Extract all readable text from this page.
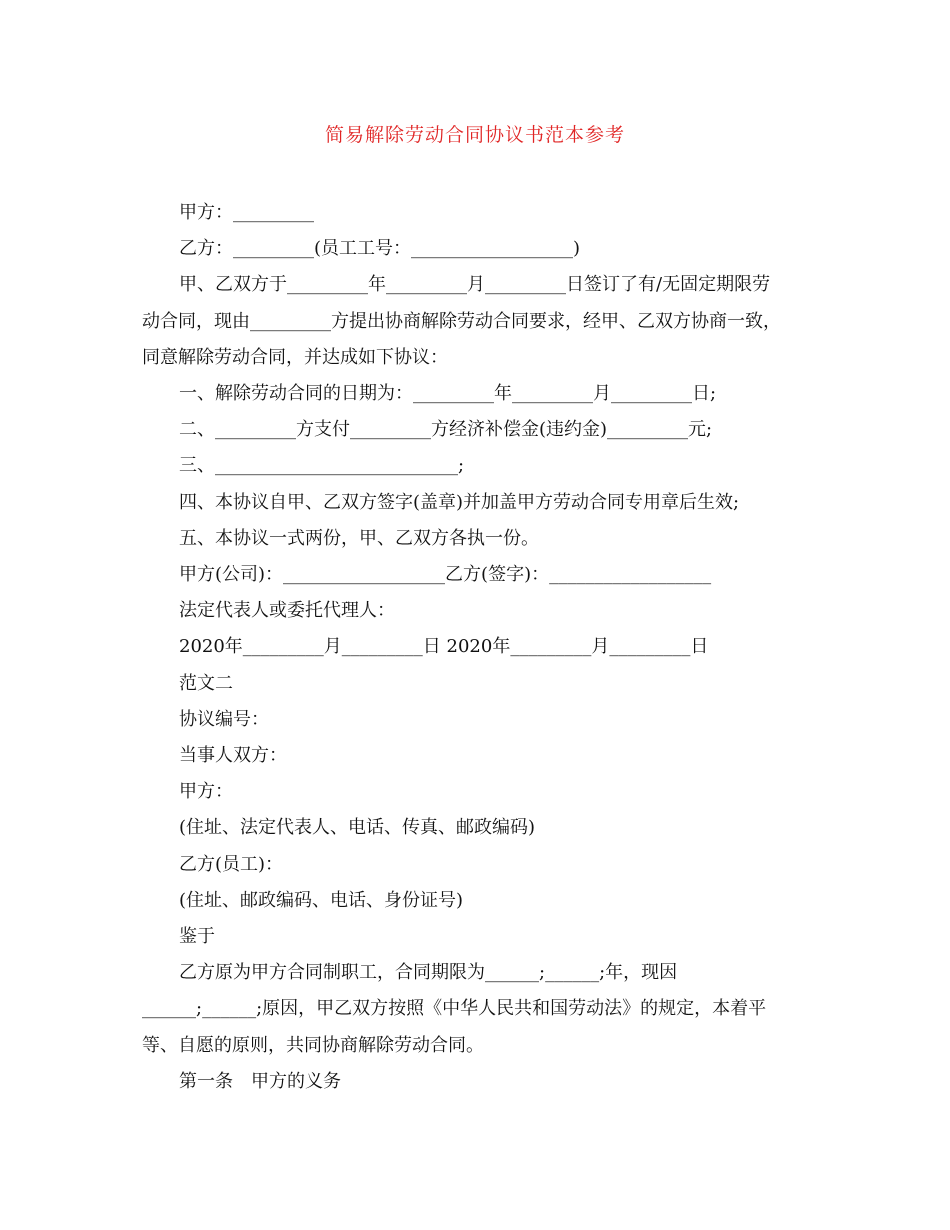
简易解除劳动合同协议书范本参考
甲方：_________
乙方：_________(员工工号：__________________)
甲、乙双方于_________年_________月_________日签订了有/无固定期限劳
动合同，现由_________方提出协商解除劳动合同要求，经甲、乙双方协商一致，
同意解除劳动合同，并达成如下协议：
一、解除劳动合同的日期为：_________年_________月_________日;
二、_________方支付_________方经济补偿金(违约金)_________元;
三、___________________________;
四、本协议自甲、乙双方签字(盖章)并加盖甲方劳动合同专用章后生效;
五、本协议一式两份，甲、乙双方各执一份。
甲方(公司)：__________________乙方(签字)：__________________
法定代表人或委托代理人：
2020年_________月_________日 2020年_________月_________日
范文二
协议编号：
当事人双方：
甲方：
(住址、法定代表人、电话、传真、邮政编码)
乙方(员工)：
(住址、邮政编码、电话、身份证号)
鉴于
乙方原为甲方合同制职工，合同期限为______;______;年，现因
______;______;原因，甲乙双方按照《中华人民共和国劳动法》的规定，本着平
等、自愿的原则，共同协商解除劳动合同。
第一条　甲方的义务
